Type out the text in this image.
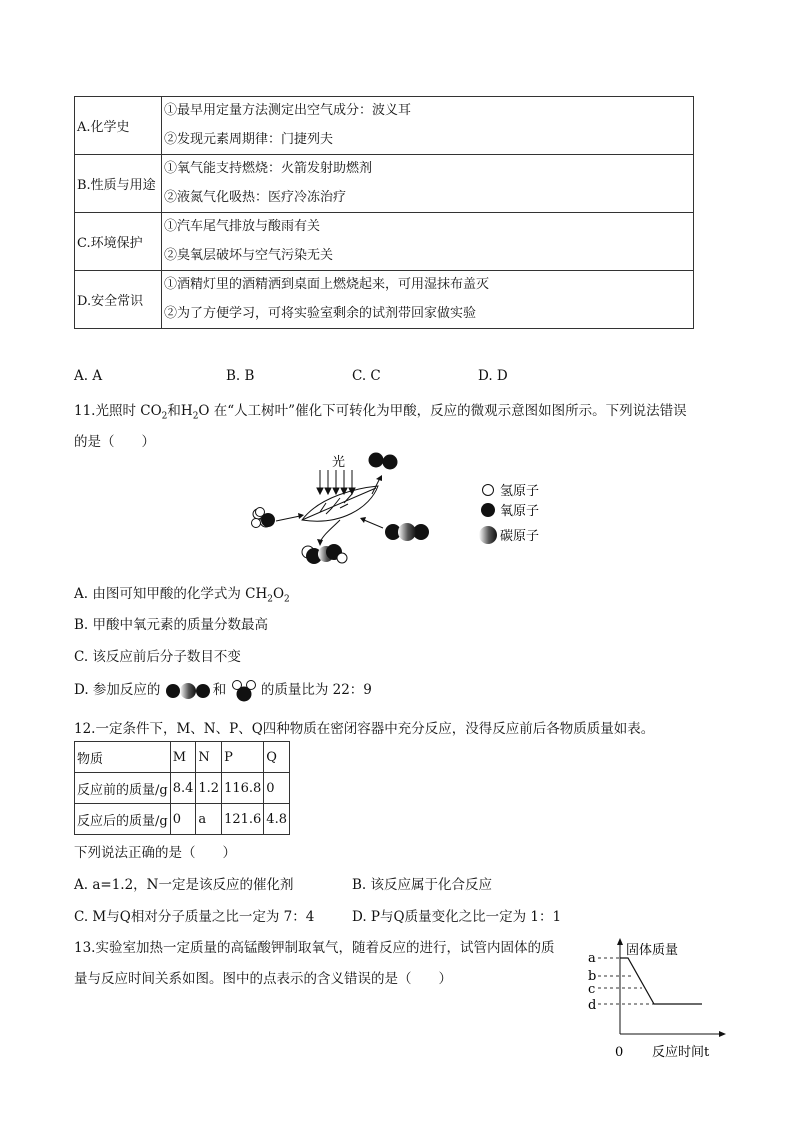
A.化学史	①最早用定量方法测定出空气成分：波义耳
②发现元素周期律：门捷列夫

B.性质与用途	①氧气能支持燃烧：火箭发射助燃剂
②液氮气化吸热：医疗冷冻治疗

C.环境保护	①汽车尾气排放与酸雨有关
②臭氧层破坏与空气污染无关

D.安全常识	①酒精灯里的酒精洒到桌面上燃烧起来，可用湿抹布盖灭
②为了方便学习，可将实验室剩余的试剂带回家做实验
A. A	B. B	C. C	D. D
11.光照时 $CO_2$和$H_2O$ 在“人工树叶”催化下可转化为甲酸，反应的微观示意图如图所示。下列说法错误
的是（　　）
光
氢原子
氧原子
碳原子
A. 由图可知甲酸的化学式为 $CH_2O_2$
B. 甲酸中氧元素的质量分数最高
C. 该反应前后分子数目不变
D. 参加反应的	和	的质量比为 22：9
12.一定条件下，M、N、P、Q四种物质在密闭容器中充分反应，没得反应前后各物质质量如表。
物质	M	N	P	Q
反应前的质量/g	8.4	1.2	116.8	0
反应后的质量/g	0	a	121.6	4.8
下列说法正确的是（　　）
A. a=1.2，N一定是该反应的催化剂	B. 该反应属于化合反应
C. M与Q相对分子质量之比一定为 7：4	D. P与Q质量变化之比一定为 1：1
13.实验室加热一定质量的高锰酸钾制取氧气，随着反应的进行，试管内固体的质
量与反应时间关系如图。图中的点表示的含义错误的是（　　）
固体质量
反应时间t
0
a
b
c
d
